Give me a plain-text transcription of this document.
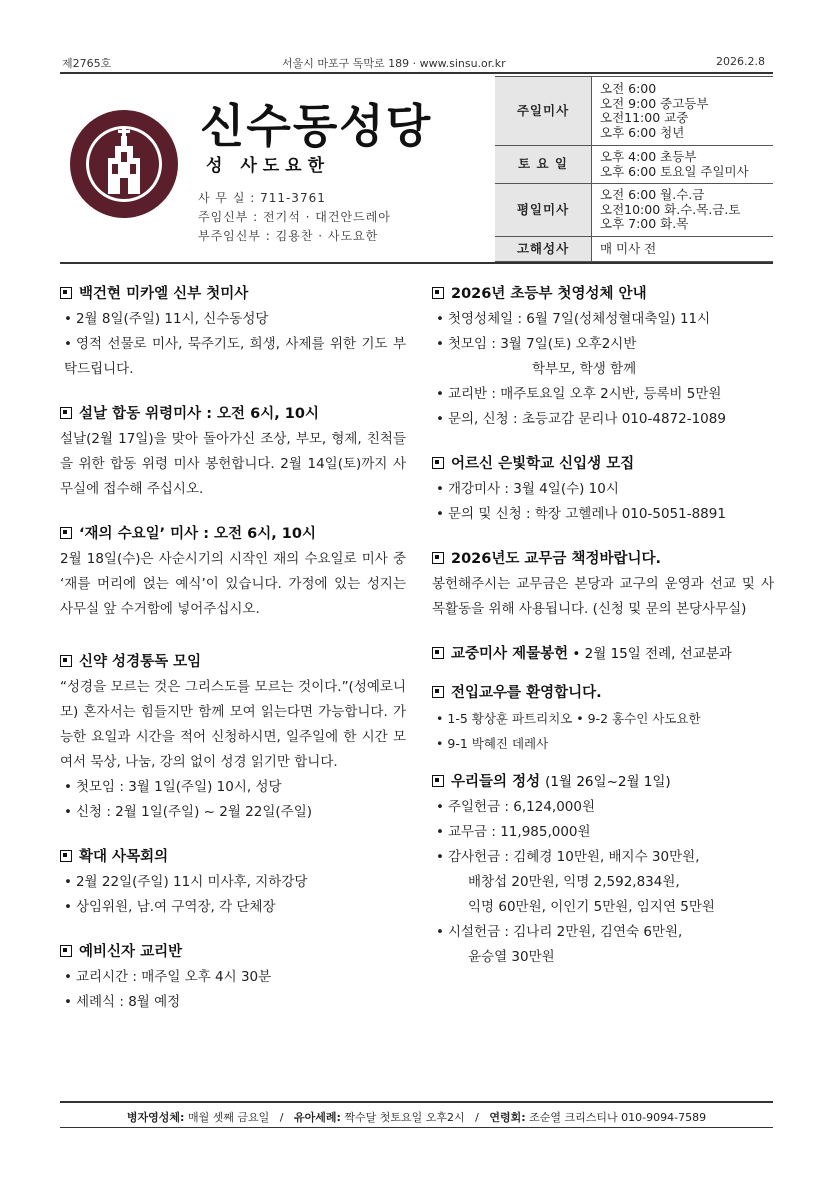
제2765호	서울시 마포구 독막로 189 · www.sinsu.or.kr	2026.2.8
신수동성당
성 사도요한
사 무 실 : 711-3761
주임신부 : 전기석 · 대건안드레아
부주임신부 : 김용찬 · 사도요한
주일미사	오전 6:00
오전 9:00 중고등부
오전11:00 교중
오후 6:00 청년

토 요 일	오후 4:00 초등부
오후 6:00 토요일 주일미사

평일미사	오전 6:00 월.수.금
오전10:00 화.수.목.금.토
오후 7:00 화.목

고해성사	매 미사 전

백건현 미카엘 신부 첫미사

• 2월 8일(주일) 11시, 신수동성당

• 영적 선물로 미사, 묵주기도, 희생, 사제를 위한 기도 부탁드립니다.

설날 합동 위령미사 : 오전 6시, 10시

설날(2월 17일)을 맞아 돌아가신 조상, 부모, 형제, 친척들을 위한 합동 위령 미사 봉헌합니다. 2월 14일(토)까지 사무실에 접수해 주십시오.

‘재의 수요일’ 미사 : 오전 6시, 10시

2월 18일(수)은 사순시기의 시작인 재의 수요일로 미사 중 ‘재를 머리에 얹는 예식’이 있습니다. 가정에 있는 성지는 사무실 앞 수거함에 넣어주십시오.

신약 성경통독 모임

“성경을 모르는 것은 그리스도를 모르는 것이다.”(성예로니모) 혼자서는 힘들지만 함께 모여 읽는다면 가능합니다. 가능한 요일과 시간을 적어 신청하시면, 일주일에 한 시간 모여서 묵상, 나눔, 강의 없이 성경 읽기만 합니다.

• 첫모임 : 3월 1일(주일) 10시, 성당

• 신청 : 2월 1일(주일) ~ 2월 22일(주일)

확대 사목회의

• 2월 22일(주일) 11시 미사후, 지하강당

• 상임위원, 남.여 구역장, 각 단체장

예비신자 교리반

• 교리시간 : 매주일 오후 4시 30분

• 세례식 : 8월 예정

2026년 초등부 첫영성체 안내

• 첫영성체일 : 6월 7일(성체성혈대축일) 11시

• 첫모임 : 3월 7일(토) 오후2시반

학부모, 학생 함께

• 교리반 : 매주토요일 오후 2시반, 등록비 5만원

• 문의, 신청 : 초등교감 문리나 010-4872-1089

어르신 은빛학교 신입생 모집

• 개강미사 : 3월 4일(수) 10시

• 문의 및 신청 : 학장 고헬레나 010-5051-8891

2026년도 교무금 책정바랍니다.

봉헌해주시는 교무금은 본당과 교구의 운영과 선교 및 사목활동을 위해 사용됩니다. (신청 및 문의 본당사무실)

교중미사 제물봉헌 • 2월 15일 전례, 선교분과

전입교우를 환영합니다.

• 1-5 황상훈 파트리치오 • 9-2 홍수인 사도요한

• 9-1 박혜진 데레사

우리들의 정성 (1월 26일~2월 1일)

• 주일헌금 : 6,124,000원

• 교무금 : 11,985,000원

• 감사헌금 : 김혜경 10만원, 배지수 30만원,

배창섭 20만원, 익명 2,592,834원,

익명 60만원, 이인기 5만원, 임지연 5만원

• 시설헌금 : 김나리 2만원, 김연숙 6만원,

윤승열 30만원

병자영성체: 매월 셋째 금요일   /   유아세례: 짝수달 첫토요일 오후2시   /   연령회: 조순열 크리스티나 010-9094-7589
